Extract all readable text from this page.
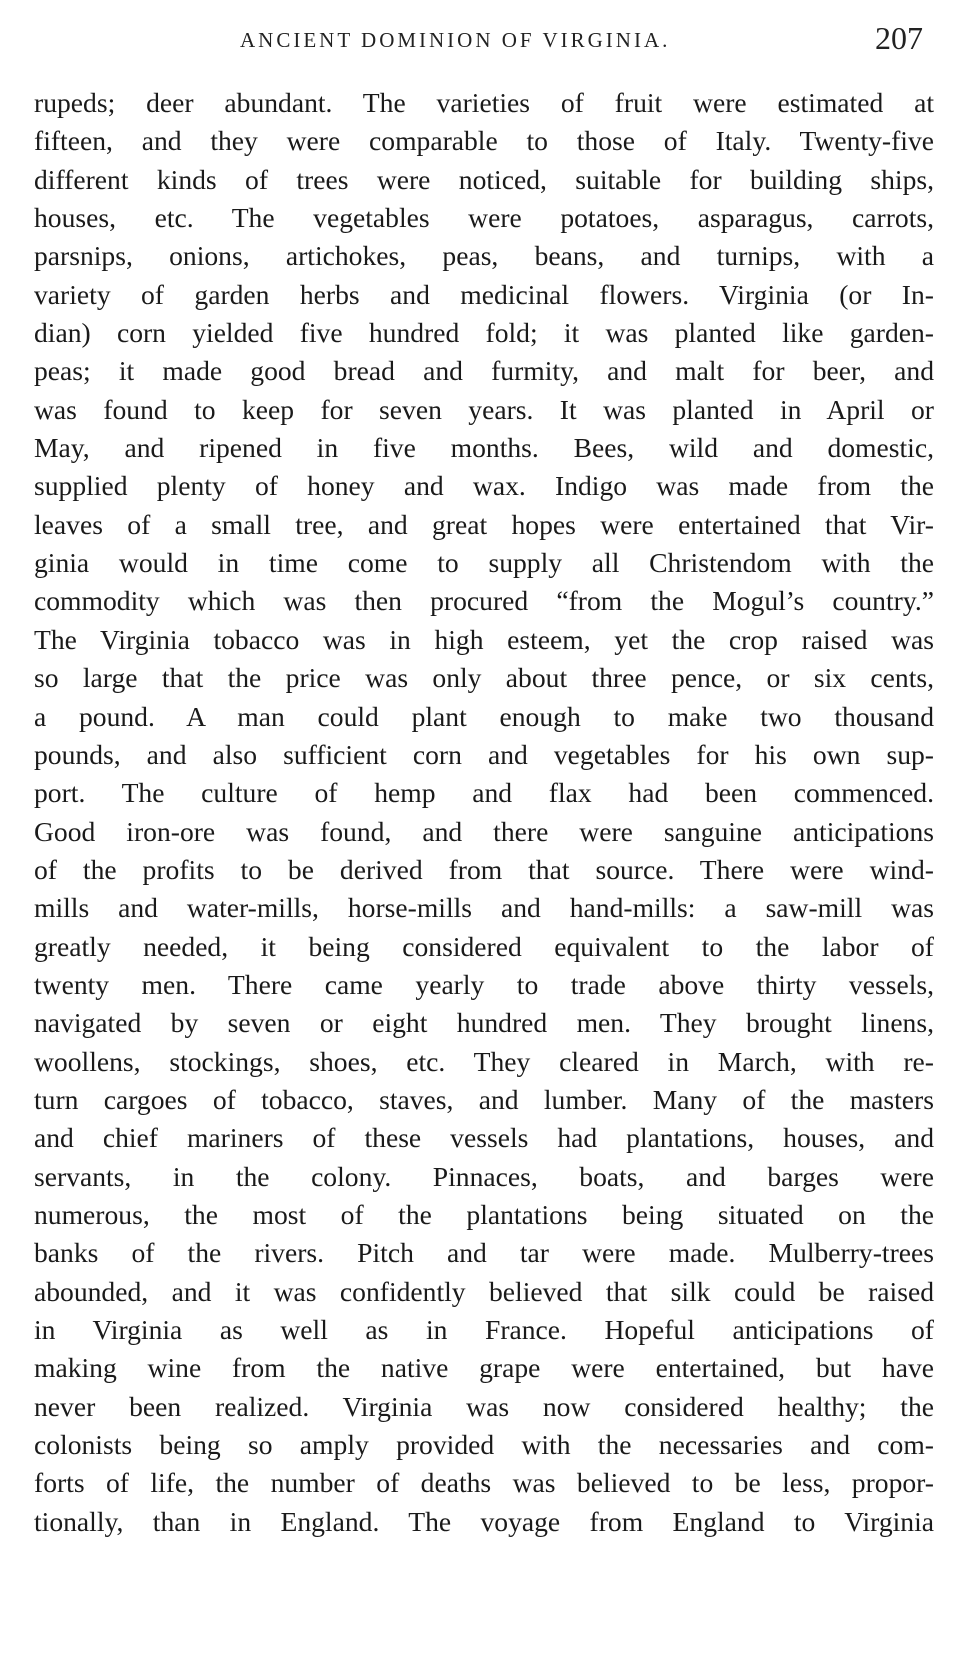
ANCIENT DOMINION OF VIRGINIA.	207
rupeds; deer abundant. The varieties of fruit were estimated at
fifteen, and they were comparable to those of Italy. Twenty-five
different kinds of trees were noticed, suitable for building ships,
houses, etc. The vegetables were potatoes, asparagus, carrots,
parsnips, onions, artichokes, peas, beans, and turnips, with a
variety of garden herbs and medicinal flowers. Virginia (or In-
dian) corn yielded five hundred fold; it was planted like garden-
peas; it made good bread and furmity, and malt for beer, and
was found to keep for seven years. It was planted in April or
May, and ripened in five months. Bees, wild and domestic,
supplied plenty of honey and wax. Indigo was made from the
leaves of a small tree, and great hopes were entertained that Vir-
ginia would in time come to supply all Christendom with the
commodity which was then procured “from the Mogul’s country.”
The Virginia tobacco was in high esteem, yet the crop raised was
so large that the price was only about three pence, or six cents,
a pound. A man could plant enough to make two thousand
pounds, and also sufficient corn and vegetables for his own sup-
port. The culture of hemp and flax had been commenced.
Good iron-ore was found, and there were sanguine anticipations
of the profits to be derived from that source. There were wind-
mills and water-mills, horse-mills and hand-mills: a saw-mill was
greatly needed, it being considered equivalent to the labor of
twenty men. There came yearly to trade above thirty vessels,
navigated by seven or eight hundred men. They brought linens,
woollens, stockings, shoes, etc. They cleared in March, with re-
turn cargoes of tobacco, staves, and lumber. Many of the masters
and chief mariners of these vessels had plantations, houses, and
servants, in the colony. Pinnaces, boats, and barges were
numerous, the most of the plantations being situated on the
banks of the rivers. Pitch and tar were made. Mulberry-trees
abounded, and it was confidently believed that silk could be raised
in Virginia as well as in France. Hopeful anticipations of
making wine from the native grape were entertained, but have
never been realized. Virginia was now considered healthy; the
colonists being so amply provided with the necessaries and com-
forts of life, the number of deaths was believed to be less, propor-
tionally, than in England. The voyage from England to Virginia
